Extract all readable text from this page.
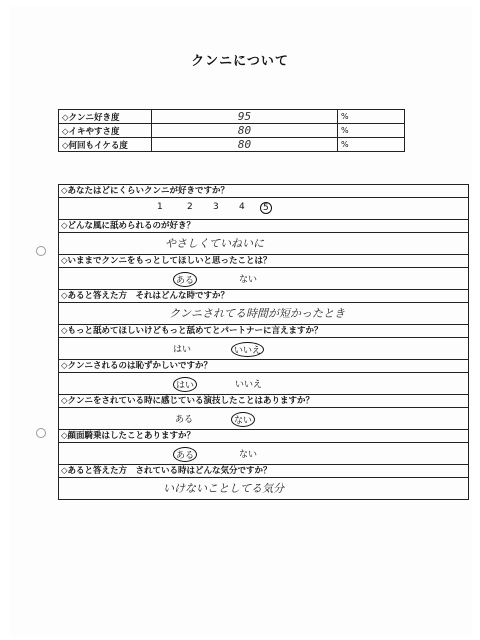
クンニについて
◇クンニ好き度	95	%
◇イキやすさ度	80	%
◇何回もイケる度	80	%
◇あなたはどにくらいクンニが好きですか？
1	2 3 4	5
◇どんな風に舐められるのが好き？
やさしくていねいに
◇いままでクンニをもっとしてほしいと思ったことは？
ある	ない
◇あると答えた方　それはどんな時ですか？
クンニされてる時間が短かったとき
◇もっと舐めてほしいけどもっと舐めてとパートナーに言えますか？
はい	いいえ
◇クンニされるのは恥ずかしいですか？
はい	いいえ
◇クンニをされている時に感じている演技したことはありますか？
ある	ない
◇顔面騎乗はしたことありますか？
ある	ない
◇あると答えた方　されている時はどんな気分ですか？
いけないことしてる気分
